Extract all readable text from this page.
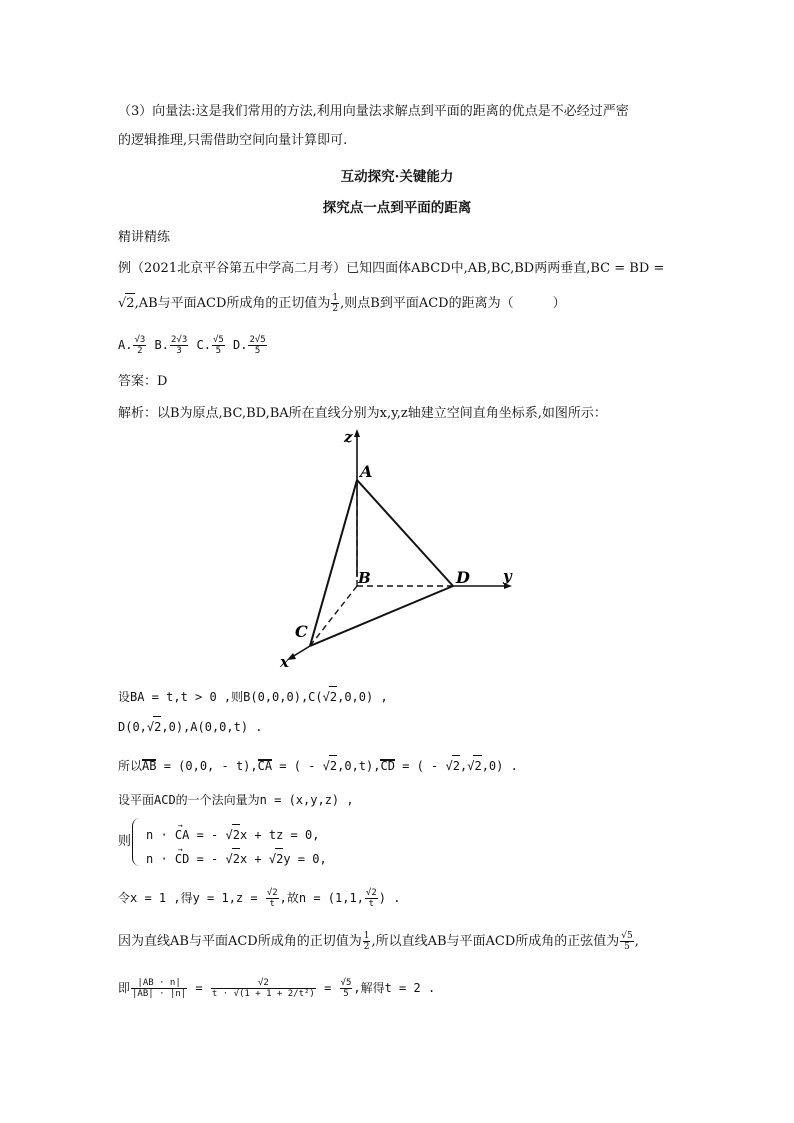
（3）向量法:这是我们常用的方法,利用向量法求解点到平面的距离的优点是不必经过严密
的逻辑推理,只需借助空间向量计算即可.
互动探究·关键能力
探究点一点到平面的距离
精讲精练
例（2021北京平谷第五中学高二月考）已知四面体ABCD中,AB,BC,BD两两垂直,BC = BD =
√2,AB与平面ACD所成角的正切值为 $\frac{1}{2}$ ,则点B到平面ACD的距离为（　　　）
A. $\frac{√3}{2} B$. $\frac{2√3}{3} C$. $\frac{√5}{5} D$. $\frac{2√5}{5}$
答案：D
解析：以B为原点,BC,BD,BA所在直线分别为x,y,z轴建立空间直角坐标系,如图所示：
z
A
B	D y
C
x
设BA = t,t > 0 ,则B(0,0,0),C(√2,0,0) ,
D(0,√2,0),A(0,0,t) .
所以AB = (0,0, - t),CA = ( - √2,0,t),CD = ( - √2,√2,0) .
设平面ACD的一个法向量为n = (x,y,z) ,
则 n · → CA = - √2x + tz = 0,
n · → CD = - √2x + √2y = 0,
令x = 1 ,得$y = 1,z = \frac{√2}{t}$ ,故n = (1,1, $\frac{√2}{t}$ ) .
因为直线AB与平面ACD所成角的正切值为 $\frac{1}{2}$ ,所以直线AB与平面ACD所成角的正弦值为 $\frac{√5}{5}$ ,
即 $\frac{|AB \cdot n|}{|AB| \cdot |n|} = \frac{√2}{\text{t · √(1 + 1 + 2/t²)}} = \frac{√5}{5}$ ,解得t = 2 .
